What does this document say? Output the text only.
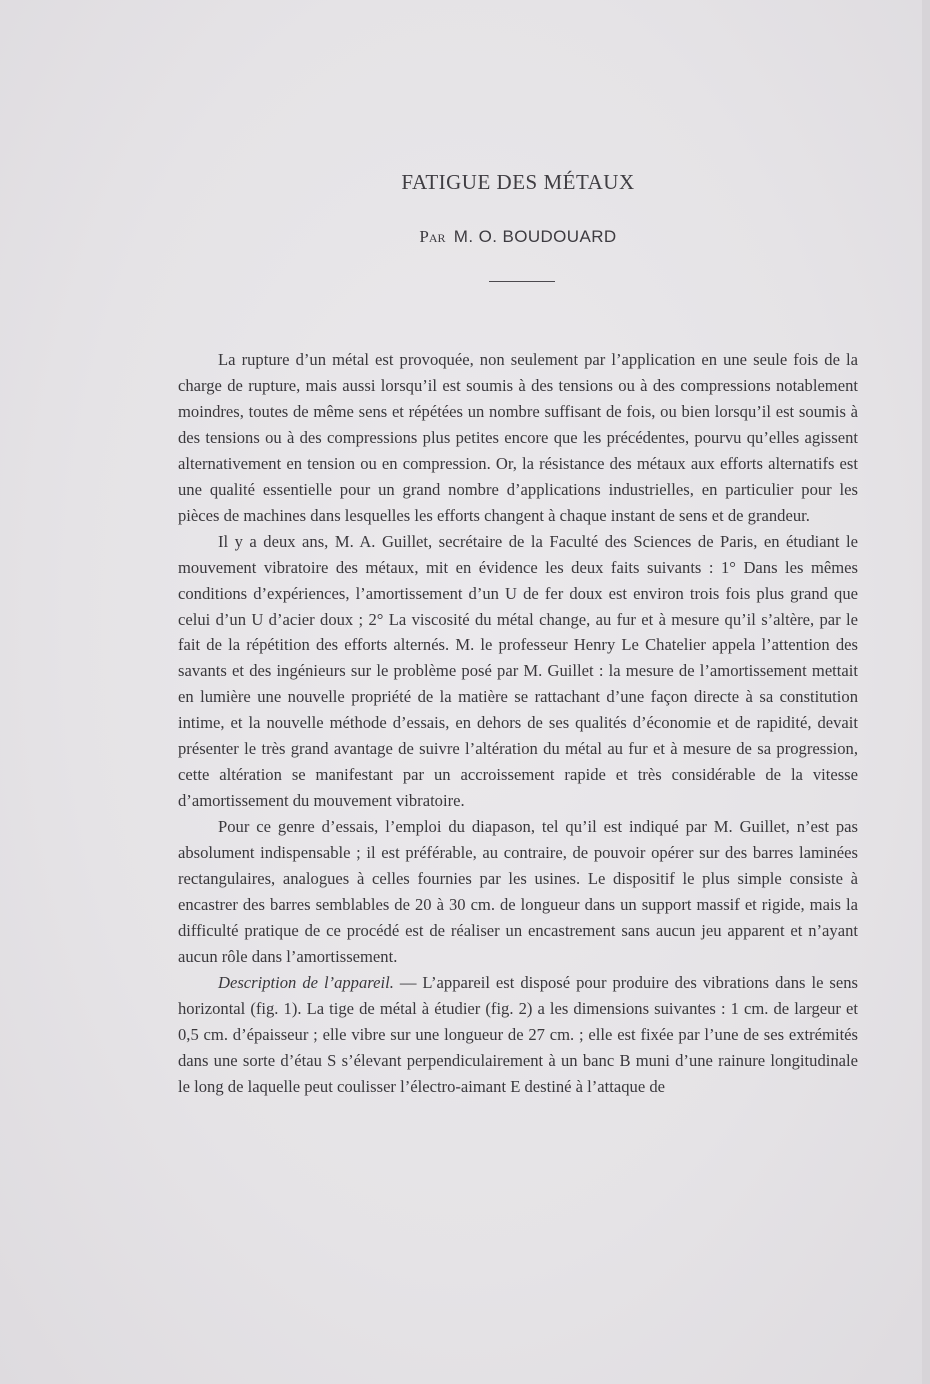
FATIGUE DES MÉTAUX
Par M. O. BOUDOUARD

La rupture d’un métal est provoquée, non seulement par l’application en une seule fois de la charge de rupture, mais aussi lorsqu’il est soumis à des tensions ou à des compressions notablement moindres, toutes de même sens et répétées un nombre suffisant de fois, ou bien lorsqu’il est soumis à des tensions ou à des compressions plus petites encore que les précédentes, pourvu qu’elles agissent alternativement en tension ou en compression. Or, la résistance des métaux aux efforts alternatifs est une qualité essentielle pour un grand nombre d’applications industrielles, en particulier pour les pièces de machines dans lesquelles les efforts changent à chaque instant de sens et de grandeur.

Il y a deux ans, M. A. Guillet, secrétaire de la Faculté des Sciences de Paris, en étudiant le mouvement vibratoire des métaux, mit en évidence les deux faits suivants : 1° Dans les mêmes conditions d’expériences, l’amortissement d’un U de fer doux est environ trois fois plus grand que celui d’un U d’acier doux ; 2° La viscosité du métal change, au fur et à mesure qu’il s’altère, par le fait de la répétition des efforts alternés. M. le professeur Henry Le Chatelier appela l’attention des savants et des ingénieurs sur le problème posé par M. Guillet : la mesure de l’amortissement mettait en lumière une nouvelle propriété de la matière se rattachant d’une façon directe à sa constitution intime, et la nouvelle méthode d’essais, en dehors de ses qualités d’économie et de rapidité, devait présenter le très grand avantage de suivre l’altération du métal au fur et à mesure de sa progression, cette altération se manifestant par un accroissement rapide et très considérable de la vitesse d’amortissement du mouvement vibratoire.

Pour ce genre d’essais, l’emploi du diapason, tel qu’il est indiqué par M. Guillet, n’est pas absolument indispensable ; il est préférable, au contraire, de pouvoir opérer sur des barres laminées rectangulaires, analogues à celles fournies par les usines. Le dispositif le plus simple consiste à encastrer des barres semblables de 20 à 30 cm. de longueur dans un support massif et rigide, mais la difficulté pratique de ce procédé est de réaliser un encastrement sans aucun jeu apparent et n’ayant aucun rôle dans l’amortissement.

Description de l’appareil. — L’appareil est disposé pour produire des vibrations dans le sens horizontal (fig. 1). La tige de métal à étudier (fig. 2) a les dimensions suivantes : 1 cm. de largeur et 0,5 cm. d’épaisseur ; elle vibre sur une longueur de 27 cm. ; elle est fixée par l’une de ses extrémités dans une sorte d’étau S s’élevant perpendiculairement à un banc B muni d’une rainure longitudinale le long de laquelle peut coulisser l’électro-aimant E destiné à l’attaque de
